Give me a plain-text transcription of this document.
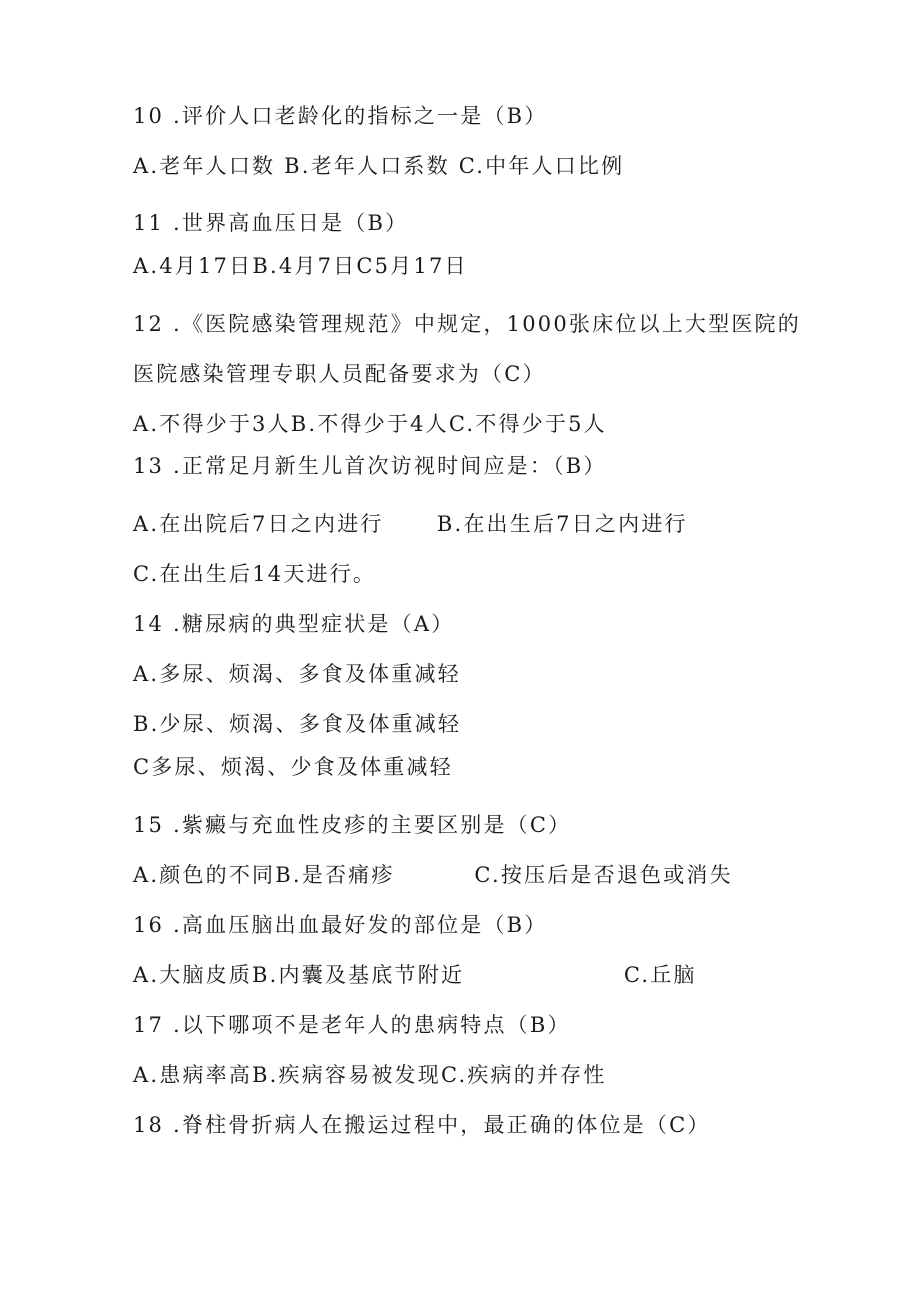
10 .评价人口老龄化的指标之一是（B）
A.老年人口数 B.老年人口系数 C.中年人口比例
11 .世界高血压日是（B）
A.4月17日B.4月7日C5月17日
12 .《医院感染管理规范》中规定，1000张床位以上大型医院的
医院感染管理专职人员配备要求为（C）
A.不得少于3人B.不得少于4人C.不得少于5人
13 .正常足月新生儿首次访视时间应是：（B）
A.在出院后7日之内进行      B.在出生后7日之内进行
C.在出生后14天进行。
14 .糖尿病的典型症状是（A）
A.多尿、烦渴、多食及体重减轻
B.少尿、烦渴、多食及体重减轻
C多尿、烦渴、少食及体重减轻
15 .紫癜与充血性皮疹的主要区别是（C）
A.颜色的不同B.是否痛疹         C.按压后是否退色或消失
16 .高血压脑出血最好发的部位是（B）
A.大脑皮质B.内囊及基底节附近                  C.丘脑
17 .以下哪项不是老年人的患病特点（B）
A.患病率高B.疾病容易被发现C.疾病的并存性
18 .脊柱骨折病人在搬运过程中，最正确的体位是（C）
